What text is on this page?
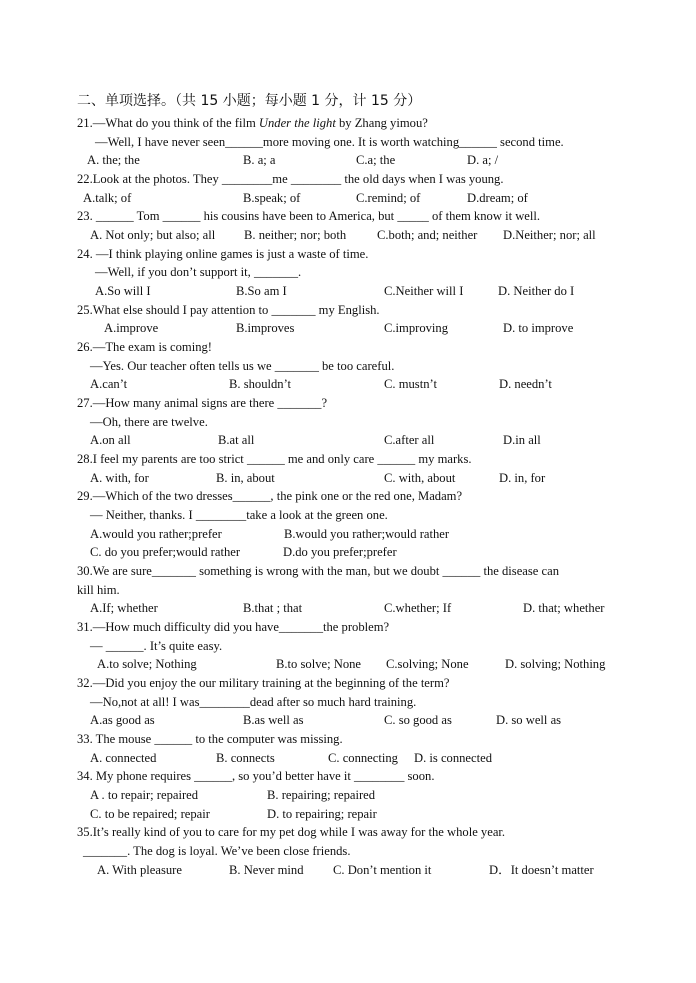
二、单项选择。（共 15 小题；每小题 1 分，计 15 分）
21.—What do you think of the film Under the light by Zhang yimou?
—Well, I have never seen______more moving one. It is worth watching______ second time.
A. the; the	B. a; a	C.a; the	D. a; /
22.Look at the photos. They ________me ________ the old days when I was young.
A.talk; of	B.speak; of	C.remind; of	D.dream; of
23. ______ Tom ______ his cousins have been to America, but _____ of them know it well.
A. Not only; but also; all B. neither; nor; both C.both; and; neither D.Neither; nor; all
24. —I think playing online games is just a waste of time.
—Well, if you don’t support it, _______.
A.So will I	B.So am I	C.Neither will I	D. Neither do I
25.What else should I pay attention to _______ my English.
A.improve	B.improves	C.improving	D. to improve
26.—The exam is coming!
—Yes. Our teacher often tells us we _______ be too careful.
A.can’t	B. shouldn’t	C. mustn’t	D. needn’t
27.—How many animal signs are there _______?
—Oh, there are twelve.
A.on all	B.at all	C.after all	D.in all
28.I feel my parents are too strict ______ me and only care ______ my marks.
A. with, for	B. in, about	C. with, about	D. in, for
29.—Which of the two dresses______, the pink one or the red one, Madam?
— Neither, thanks. I ________take a look at the green one.
A.would you rather;prefer	B.would you rather;would rather
C. do you prefer;would rather	D.do you prefer;prefer
30.We are sure_______ something is wrong with the man, but we doubt ______ the disease can
kill him.
A.If; whether	B.that ; that	C.whether; If	D. that; whether
31.—How much difficulty did you have_______the problem?
— ______. It’s quite easy.
A.to solve; Nothing	B.to solve; None C.solving; None	D. solving; Nothing
32.—Did you enjoy the our military training at the beginning of the term?
—No,not at all! I was________dead after so much hard training.
A.as good as	B.as well as	C. so good as	D. so well as
33. The mouse ______ to the computer was missing.
A. connected	B. connects	C. connecting D. is connected
34. My phone requires ______, so you’d better have it ________ soon.
A . to repair; repaired	B. repairing; repaired
C. to be repaired; repair	D. to repairing; repair
35.It’s really kind of you to care for my pet dog while I was away for the whole year.
_______. The dog is loyal. We’ve been close friends.
A. With pleasure	B. Never mind C. Don’t mention it	D．It doesn’t matter
